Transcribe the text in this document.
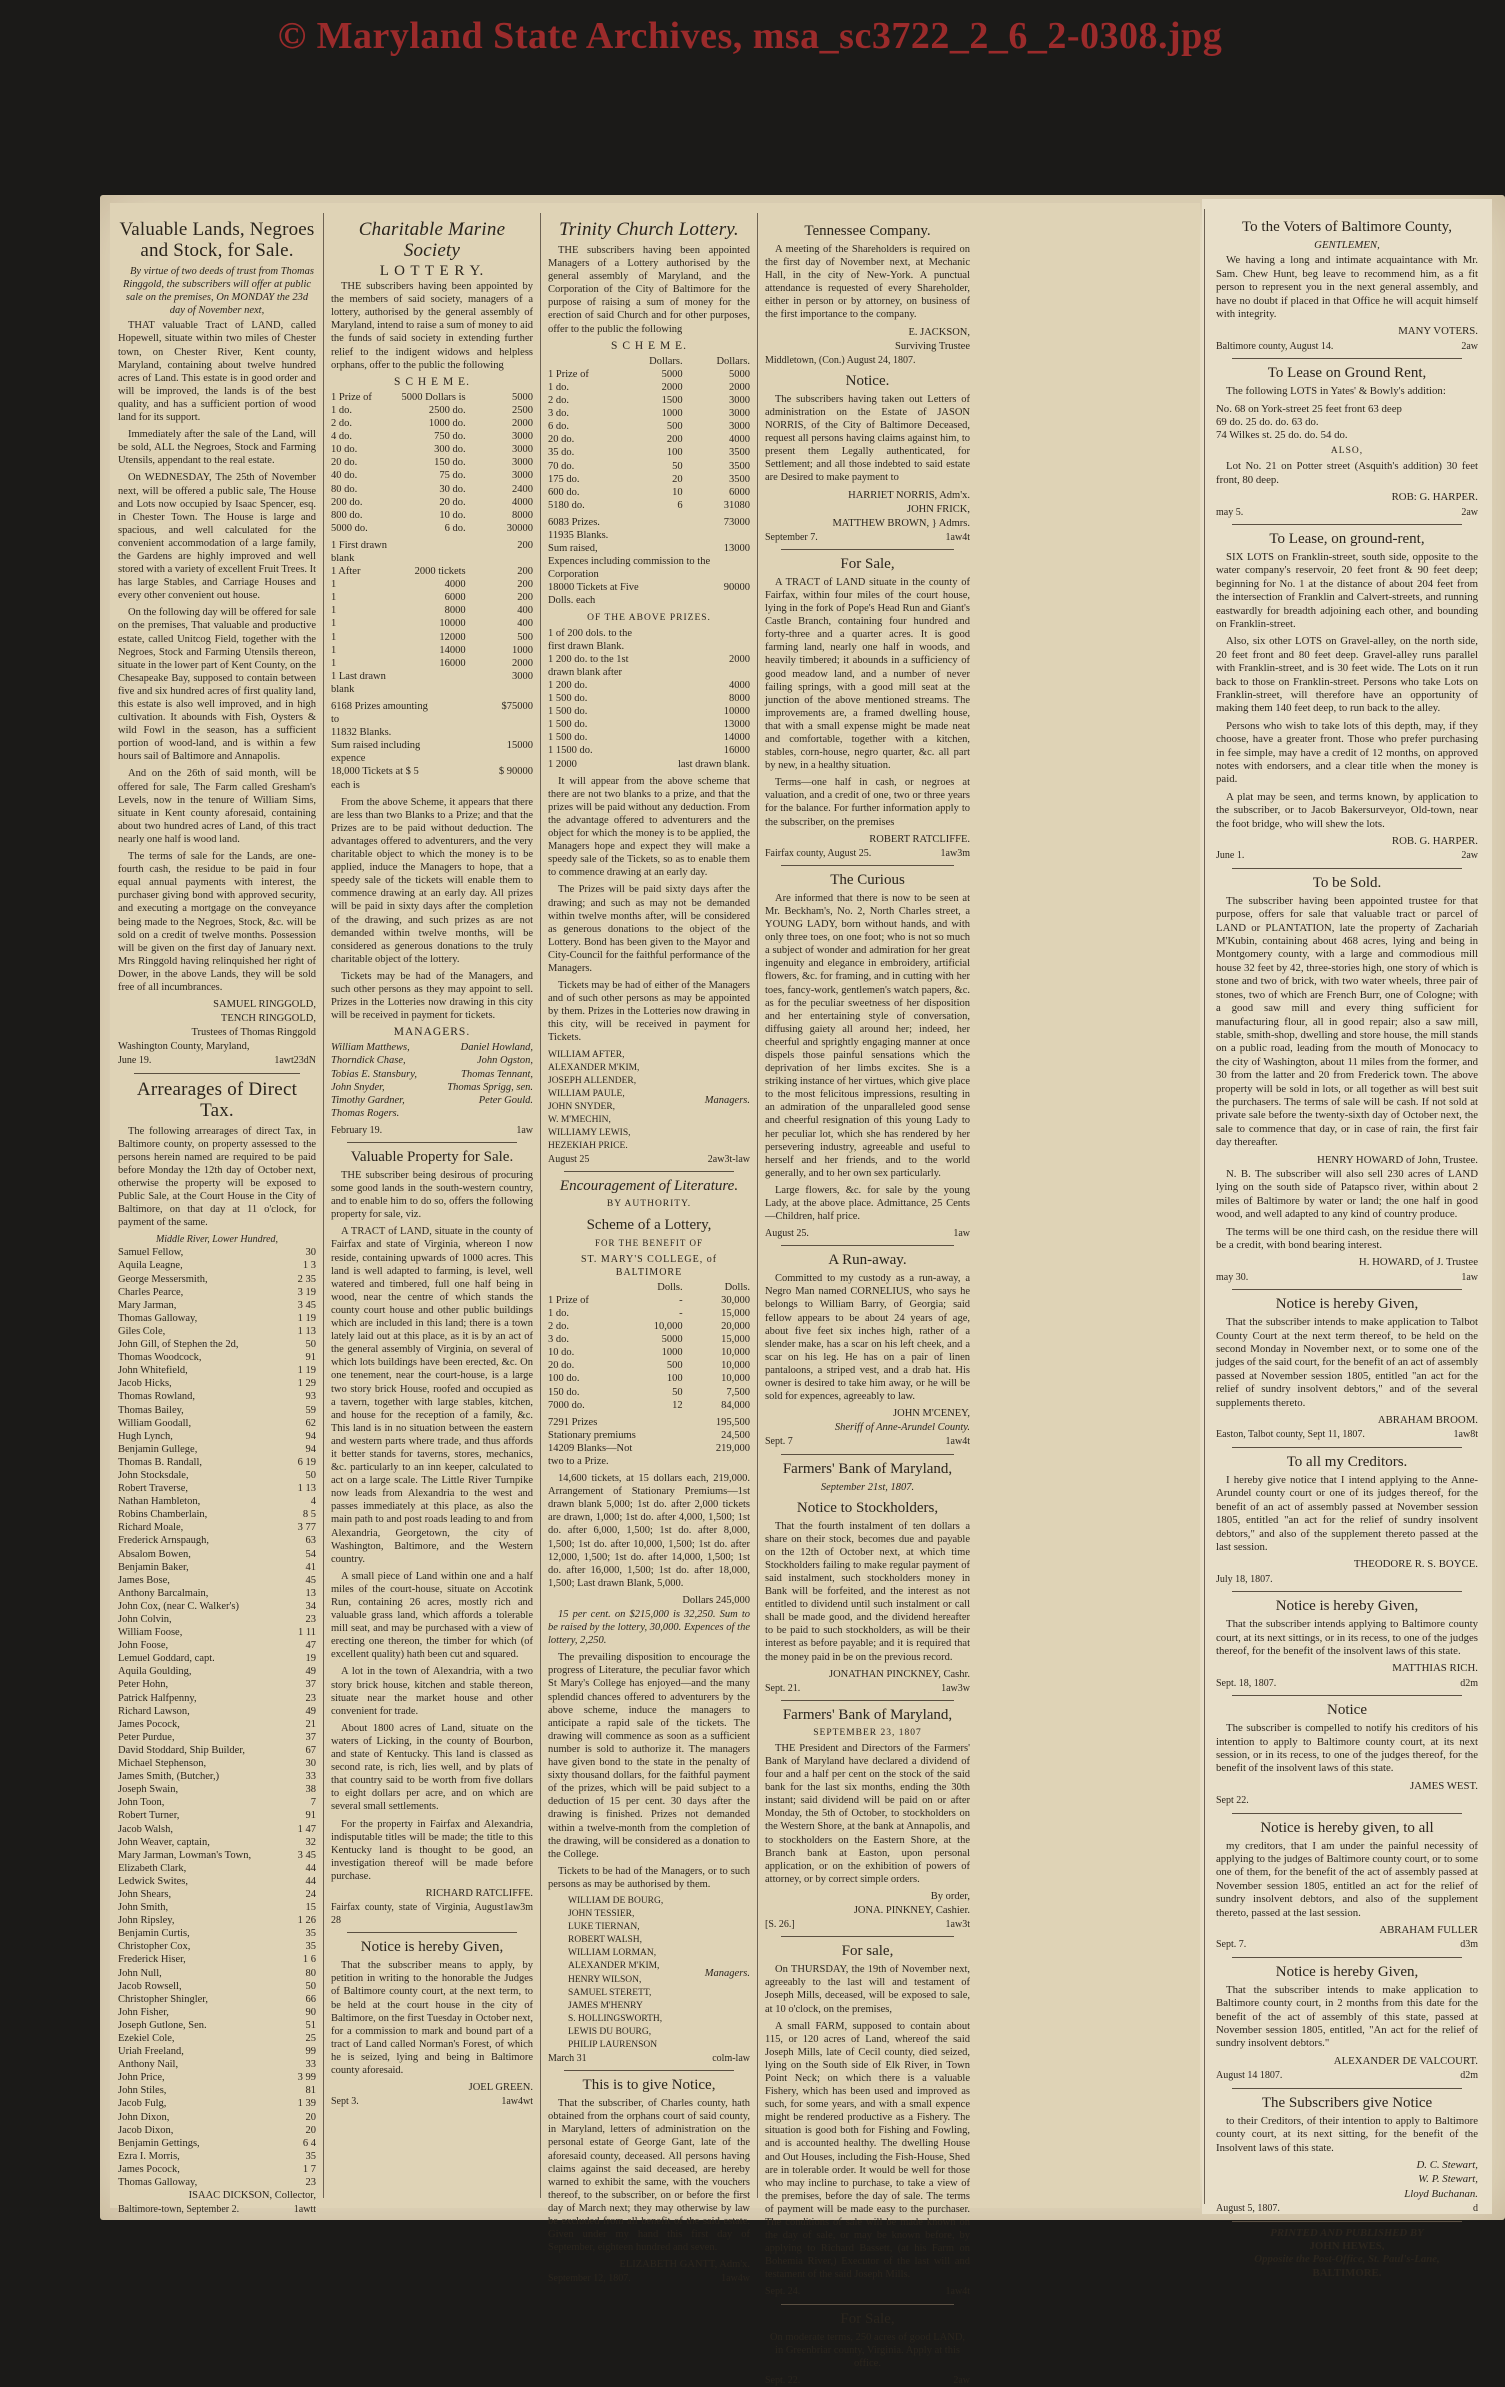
© Maryland State Archives, msa_sc3722_2_6_2-0308.jpg
Valuable Lands, Negroes and Stock, for Sale.

By virtue of two deeds of trust from Thomas Ringgold, the subscribers will offer at public sale on the premises, On MONDAY the 23d day of November next,

THAT valuable Tract of LAND, called Hopewell, situate within two miles of Chester town, on Chester River, Kent county, Maryland, containing about twelve hundred acres of Land. This estate is in good order and will be improved, the lands is of the best quality, and has a sufficient portion of wood land for its support.

Immediately after the sale of the Land, will be sold, ALL the Negroes, Stock and Farming Utensils, appendant to the real estate.

On WEDNESDAY, The 25th of November next, will be offered a public sale, The House and Lots now occupied by Isaac Spencer, esq. in Chester Town. The House is large and spacious, and well calculated for the convenient accommodation of a large family, the Gardens are highly improved and well stored with a variety of excellent Fruit Trees. It has large Stables, and Carriage Houses and every other convenient out house.

On the following day will be offered for sale on the premises, That valuable and productive estate, called Unitcog Field, together with the Negroes, Stock and Farming Utensils thereon, situate in the lower part of Kent County, on the Chesapeake Bay, supposed to contain between five and six hundred acres of first quality land, this estate is also well improved, and in high cultivation. It abounds with Fish, Oysters & wild Fowl in the season, has a sufficient portion of wood-land, and is within a few hours sail of Baltimore and Annapolis.

And on the 26th of said month, will be offered for sale, The Farm called Gresham's Levels, now in the tenure of William Sims, situate in Kent county aforesaid, containing about two hundred acres of Land, of this tract nearly one half is wood land.

The terms of sale for the Lands, are one-fourth cash, the residue to be paid in four equal annual payments with interest, the purchaser giving bond with approved security, and executing a mortgage on the conveyance being made to the Negroes, Stock, &c. will be sold on a credit of twelve months. Possession will be given on the first day of January next. Mrs Ringgold having relinquished her right of Dower, in the above Lands, they will be sold free of all incumbrances.

SAMUEL RINGGOLD,
TENCH RINGGOLD,
Trustees of Thomas Ringgold
Washington County, Maryland,
June 19.	1awt23dN
Arrearages of Direct Tax.

The following arrearages of direct Tax, in Baltimore county, on property assessed to the persons herein named are required to be paid before Monday the 12th day of October next, otherwise the property will be exposed to Public Sale, at the Court House in the City of Baltimore, on that day at 11 o'clock, for payment of the same.

Middle River, Lower Hundred,
Samuel Fellow,	30
Aquila Leagne,	1 3
George Messersmith,	2 35
Charles Pearce,	3 19
Mary Jarman,	3 45
Thomas Galloway,	1 19
Giles Cole,	1 13
John Gill, of Stephen the 2d,	50
Thomas Woodcock,	91
John Whitefield,	1 19
Jacob Hicks,	1 29
Thomas Rowland,	93
Thomas Bailey,	59
William Goodall,	62
Hugh Lynch,	94
Benjamin Gullege,	94
Thomas B. Randall,	6 19
John Stocksdale,	50
Robert Traverse,	1 13
Nathan Hambleton,	4
Robins Chamberlain,	8 5
Richard Moale,	3 77
Frederick Arnspaugh,	63
Absalom Bowen,	54
Benjamin Baker,	41
James Bose,	45
Anthony Barcalmain,	13
John Cox, (near C. Walker's)	34
John Colvin,	23
William Foose,	1 11
John Foose,	47
Lemuel Goddard, capt.	19
Aquila Goulding,	49
Peter Hohn,	37
Patrick Halfpenny,	23
Richard Lawson,	49
James Pocock,	21
Peter Purdue,	37
David Stoddard, Ship Builder,	67
Michael Stephenson,	30
James Smith, (Butcher,)	33
Joseph Swain,	38
John Toon,	7
Robert Turner,	91
Jacob Walsh,	1 47
John Weaver, captain,	32
Mary Jarman, Lowman's Town,	3 45
Elizabeth Clark,	44
Ledwick Swites,	44
John Shears,	24
John Smith,	15
John Ripsley,	1 26
Benjamin Curtis,	35
Christopher Cox,	35
Frederick Hiser,	1 6
John Null,	80
Jacob Rowsell,	50
Christopher Shingler,	66
John Fisher,	90
Joseph Gutlone, Sen.	51
Ezekiel Cole,	25
Uriah Freeland,	99
Anthony Nail,	33
John Price,	3 99
John Stiles,	81
Jacob Fulg,	1 39
John Dixon,	20
Jacob Dixon,	20
Benjamin Gettings,	6 4
Ezra I. Morris,	35
James Pocock,	1 7
Thomas Galloway,	23
ISAAC DICKSON, Collector,
Baltimore-town, September 2.	1awtt
Charitable Marine Society
L O T T E R Y.

THE subscribers having been appointed by the members of said society, managers of a lottery, authorised by the general assembly of Maryland, intend to raise a sum of money to aid the funds of said society in extending further relief to the indigent widows and helpless orphans, offer to the public the following

S C H E M E.
1 Prize of	5000 Dollars is	5000
1 do.	2500 do.	2500
2 do.	1000 do.	2000
4 do.	750 do.	3000
10 do.	300 do.	3000
20 do.	150 do.	3000
40 do.	75 do.	3000
80 do.	30 do.	2400
200 do.	20 do.	4000
800 do.	10 do.	8000
5000 do.	6 do.	30000
1 First drawn blank
200
1 After	2000 tickets	200
1	4000	200
1	6000	200
1	8000	400
1	10000	400
1	12000	500
1	14000	1000
1	16000	2000
1 Last drawn blank
3000
6168 Prizes amounting to
$75000
11832 Blanks.
Sum raised including expence
15000
18,000 Tickets at $ 5 each is
$ 90000

From the above Scheme, it appears that there are less than two Blanks to a Prize; and that the Prizes are to be paid without deduction. The advantages offered to adventurers, and the very charitable object to which the money is to be applied, induce the Managers to hope, that a speedy sale of the tickets will enable them to commence drawing at an early day. All prizes will be paid in sixty days after the completion of the drawing, and such prizes as are not demanded within twelve months, will be considered as generous donations to the truly charitable object of the lottery.

Tickets may be had of the Managers, and such other persons as they may appoint to sell. Prizes in the Lotteries now drawing in this city will be received in payment for tickets.

MANAGERS.
William Matthews,	Daniel Howland,
Thorndick Chase,	John Ogston,
Tobias E. Stansbury,	Thomas Tennant,
John Snyder,	Thomas Sprigg, sen.
Timothy Gardner,	Peter Gould.
Thomas Rogers.
February 19.	1aw
Valuable Property for Sale.

THE subscriber being desirous of procuring some good lands in the south-western country, and to enable him to do so, offers the following property for sale, viz.

A TRACT of LAND, situate in the county of Fairfax and state of Virginia, whereon I now reside, containing upwards of 1000 acres. This land is well adapted to farming, is level, well watered and timbered, full one half being in wood, near the centre of which stands the county court house and other public buildings which are included in this land; there is a town lately laid out at this place, as it is by an act of the general assembly of Virginia, on several of which lots buildings have been erected, &c. On one tenement, near the court-house, is a large two story brick House, roofed and occupied as a tavern, together with large stables, kitchen, and house for the reception of a family, &c. This land is in no situation between the eastern and western parts where trade, and thus affords it better stands for taverns, stores, mechanics, &c. particularly to an inn keeper, calculated to act on a large scale. The Little River Turnpike now leads from Alexandria to the west and passes immediately at this place, as also the main path to and post roads leading to and from Alexandria, Georgetown, the city of Washington, Baltimore, and the Western country.

A small piece of Land within one and a half miles of the court-house, situate on Accotink Run, containing 26 acres, mostly rich and valuable grass land, which affords a tolerable mill seat, and may be purchased with a view of erecting one thereon, the timber for which (of excellent quality) hath been cut and squared.

A lot in the town of Alexandria, with a two story brick house, kitchen and stable thereon, situate near the market house and other convenient for trade.

About 1800 acres of Land, situate on the waters of Licking, in the county of Bourbon, and state of Kentucky. This land is classed as second rate, is rich, lies well, and by plats of that country said to be worth from five dollars to eight dollars per acre, and on which are several small settlements.

For the property in Fairfax and Alexandria, indisputable titles will be made; the title to this Kentucky land is thought to be good, an investigation thereof will be made before purchase.

RICHARD RATCLIFFE.
Fairfax county, state of Virginia, August 28
1aw3m
Notice is hereby Given,

That the subscriber means to apply, by petition in writing to the honorable the Judges of Baltimore county court, at the next term, to be held at the court house in the city of Baltimore, on the first Tuesday in October next, for a commission to mark and bound part of a tract of Land called Norman's Forest, of which he is seized, lying and being in Baltimore county aforesaid.

JOEL GREEN.
Sept 3.	1aw4wt
Trinity Church Lottery.

THE subscribers having been appointed Managers of a Lottery authorised by the general assembly of Maryland, and the Corporation of the City of Baltimore for the purpose of raising a sum of money for the erection of said Church and for other purposes, offer to the public the following

S C H E M E.
Dollars.	Dollars.
1 Prize of	5000	5000
1 do.	2000	2000
2 do.	1500	3000
3 do.	1000	3000
6 do.	500	3000
20 do.	200	4000
35 do.	100	3500
70 do.	50	3500
175 do.	20	3500
600 do.	10	6000
5180 do.	6	31080
6083 Prizes.	73000
11935 Blanks.
Sum raised,	13000
Expences including commission to the Corporation
18000 Tickets at Five Dolls. each
90000
OF THE ABOVE PRIZES.
1 of 200 dols. to the first drawn Blank.
1 200 do. to the 1st drawn blank after
2000
1 200 do.	4000
1 500 do.	8000
1 500 do.	10000
1 500 do.	13000
1 500 do.	14000
1 1500 do.	16000
1 2000	last drawn blank.

It will appear from the above scheme that there are not two blanks to a prize, and that the prizes will be paid without any deduction. From the advantage offered to adventurers and the object for which the money is to be applied, the Managers hope and expect they will make a speedy sale of the Tickets, so as to enable them to commence drawing at an early day.

The Prizes will be paid sixty days after the drawing; and such as may not be demanded within twelve months after, will be considered as generous donations to the object of the Lottery. Bond has been given to the Mayor and City-Council for the faithful performance of the Managers.

Tickets may be had of either of the Managers and of such other persons as may be appointed by them. Prizes in the Lotteries now drawing in this city, will be received in payment for Tickets.

WILLIAM AFTER,
ALEXANDER M'KIM,
JOSEPH ALLENDER,
WILLIAM PAULE,
JOHN SNYDER,
W. M'MECHIN,
WILLIAMY LEWIS,
HEZEKIAH PRICE.
Managers.
August 25	2aw3t-law
Encouragement of Literature.
BY AUTHORITY.
Scheme of a Lottery,
FOR THE BENEFIT OF
ST. MARY'S COLLEGE, of BALTIMORE
Dolls.	Dolls.
1 Prize of	-	30,000
1 do.	-	15,000
2 do.	10,000	20,000
3 do.	5000	15,000
10 do.	1000	10,000
20 do.	500	10,000
100 do.	100	10,000
150 do.	50	7,500
7000 do.	12	84,000
7291 Prizes	195,500
Stationary premiums	24,500
14209 Blanks—Not two to a Prize.
219,000

14,600 tickets, at 15 dollars each, 219,000. Arrangement of Stationary Premiums—1st drawn blank 5,000; 1st do. after 2,000 tickets are drawn, 1,000; 1st do. after 4,000, 1,500; 1st do. after 6,000, 1,500; 1st do. after 8,000, 1,500; 1st do. after 10,000, 1,500; 1st do. after 12,000, 1,500; 1st do. after 14,000, 1,500; 1st do. after 16,000, 1,500; 1st do. after 18,000, 1,500; Last drawn Blank, 5,000.

Dollars 245,000

15 per cent. on $215,000 is 32,250. Sum to be raised by the lottery, 30,000. Expences of the lottery, 2,250.

The prevailing disposition to encourage the progress of Literature, the peculiar favor which St Mary's College has enjoyed—and the many splendid chances offered to adventurers by the above scheme, induce the managers to anticipate a rapid sale of the tickets. The drawing will commence as soon as a sufficient number is sold to authorize it. The managers have given bond to the state in the penalty of sixty thousand dollars, for the faithful payment of the prizes, which will be paid subject to a deduction of 15 per cent. 30 days after the drawing is finished. Prizes not demanded within a twelve-month from the completion of the drawing, will be considered as a donation to the College.

Tickets to be had of the Managers, or to such persons as may be authorised by them.

WILLIAM DE BOURG,
JOHN TESSIER,
LUKE TIERNAN,
ROBERT WALSH,
WILLIAM LORMAN,
ALEXANDER M'KIM,
HENRY WILSON,
SAMUEL STERETT,
JAMES M'HENRY
S. HOLLINGSWORTH,
LEWIS DU BOURG,
PHILIP LAURENSON
Managers.
March 31	colm-law
This is to give Notice,

That the subscriber, of Charles county, hath obtained from the orphans court of said county, in Maryland, letters of administration on the personal estate of George Gant, late of the aforesaid county, deceased. All persons having claims against the said deceased, are hereby warned to exhibit the same, with the vouchers thereof, to the subscriber, on or before the first day of March next; they may otherwise by law be excluded from all benefit of the said estate. Given under my hand this first day of September, eighteen hundred and seven.

ELIZABETH GANTT, Adm'x.
September 12, 1807.	1aw4w
Tennessee Company.

A meeting of the Shareholders is required on the first day of November next, at Mechanic Hall, in the city of New-York. A punctual attendance is requested of every Shareholder, either in person or by attorney, on business of the first importance to the company.

E. JACKSON,
Surviving Trustee
Middletown, (Con.) August 24, 1807.
Notice.

The subscribers having taken out Letters of administration on the Estate of JASON NORRIS, of the City of Baltimore Deceased, request all persons having claims against him, to present them Legally authenticated, for Settlement; and all those indebted to said estate are Desired to make payment to

HARRIET NORRIS, Adm'x.
JOHN FRICK,
MATTHEW BROWN, } Admrs.
September 7.	1aw4t
For Sale,

A TRACT of LAND situate in the county of Fairfax, within four miles of the court house, lying in the fork of Pope's Head Run and Giant's Castle Branch, containing four hundred and forty-three and a quarter acres. It is good farming land, nearly one half in woods, and heavily timbered; it abounds in a sufficiency of good meadow land, and a number of never failing springs, with a good mill seat at the junction of the above mentioned streams. The improvements are, a framed dwelling house, that with a small expense might be made neat and comfortable, together with a kitchen, stables, corn-house, negro quarter, &c. all part by new, in a healthy situation.

Terms—one half in cash, or negroes at valuation, and a credit of one, two or three years for the balance. For further information apply to the subscriber, on the premises

ROBERT RATCLIFFE.
Fairfax county, August 25.	1aw3m
The Curious

Are informed that there is now to be seen at Mr. Beckham's, No. 2, North Charles street, a YOUNG LADY, born without hands, and with only three toes, on one foot; who is not so much a subject of wonder and admiration for her great ingenuity and elegance in embroidery, artificial flowers, &c. for framing, and in cutting with her toes, fancy-work, gentlemen's watch papers, &c. as for the peculiar sweetness of her disposition and her entertaining style of conversation, diffusing gaiety all around her; indeed, her cheerful and sprightly engaging manner at once dispels those painful sensations which the deprivation of her limbs excites. She is a striking instance of her virtues, which give place to the most felicitous impressions, resulting in an admiration of the unparalleled good sense and cheerful resignation of this young Lady to her peculiar lot, which she has rendered by her persevering industry, agreeable and useful to herself and her friends, and to the world generally, and to her own sex particularly.

Large flowers, &c. for sale by the young Lady, at the above place. Admittance, 25 Cents—Children, half price.

August 25.	1aw
A Run-away.

Committed to my custody as a run-away, a Negro Man named CORNELIUS, who says he belongs to William Barry, of Georgia; said fellow appears to be about 24 years of age, about five feet six inches high, rather of a slender make, has a scar on his left cheek, and a scar on his leg. He has on a pair of linen pantaloons, a striped vest, and a drab hat. His owner is desired to take him away, or he will be sold for expences, agreeably to law.

JOHN M'CENEY,
Sheriff of Anne-Arundel County.
Sept. 7	1aw4t
Farmers' Bank of Maryland,
September 21st, 1807.
Notice to Stockholders,

That the fourth instalment of ten dollars a share on their stock, becomes due and payable on the 12th of October next, at which time Stockholders failing to make regular payment of said instalment, such stockholders money in Bank will be forfeited, and the interest as not entitled to dividend until such instalment or call shall be made good, and the dividend hereafter to be paid to such stockholders, as will be their interest as before payable; and it is required that the money paid in be on the previous record.

JONATHAN PINCKNEY, Cashr.
Sept. 21.	1aw3w
Farmers' Bank of Maryland,
SEPTEMBER 23, 1807

THE President and Directors of the Farmers' Bank of Maryland have declared a dividend of four and a half per cent on the stock of the said bank for the last six months, ending the 30th instant; said dividend will be paid on or after Monday, the 5th of October, to stockholders on the Western Shore, at the bank at Annapolis, and to stockholders on the Eastern Shore, at the Branch bank at Easton, upon personal application, or on the exhibition of powers of attorney, or by correct simple orders.

By order,
JONA. PINKNEY, Cashier.
[S. 26.]	1aw3t
For sale,

On THURSDAY, the 19th of November next, agreeably to the last will and testament of Joseph Mills, deceased, will be exposed to sale, at 10 o'clock, on the premises,

A small FARM, supposed to contain about 115, or 120 acres of Land, whereof the said Joseph Mills, late of Cecil county, died seized, lying on the South side of Elk River, in Town Point Neck; on which there is a valuable Fishery, which has been used and improved as such, for some years, and with a small expence might be rendered productive as a Fishery. The situation is good both for Fishing and Fowling, and is accounted healthy. The dwelling House and Out Houses, including the Fish-House, Shed are in tolerable order. It would be well for those who may incline to purchase, to take a view of the premises, before the day of sale. The terms of payment will be made easy to the purchaser. The conditions of sale will be made known on the day of sale, or may be known before, by applying to Richard Bassett, (at his Farm on Bohemia River,) Executor of the last will and testament of the said Joseph Mills.

Sept. 24.	1aw4t
For Sale,

On moderate terms, 250 acres of good LAND, in Greenbriar county, Virginia. Apply at this office.

Sept. 22.	2aw
To the Voters of Baltimore County,
GENTLEMEN,

We having a long and intimate acquaintance with Mr. Sam. Chew Hunt, beg leave to recommend him, as a fit person to represent you in the next general assembly, and have no doubt if placed in that Office he will acquit himself with integrity.

MANY VOTERS.
Baltimore county, August 14.	2aw
To Lease on Ground Rent,

The following LOTS in Yates' & Bowly's addition:

No. 68 on York-street 25 feet front 63 deep
69 do. 25 do. do. 63 do.
74 Wilkes st. 25 do. do. 54 do.
ALSO,

Lot No. 21 on Potter street (Asquith's addition) 30 feet front, 80 deep.

ROB: G. HARPER.
may 5.	2aw
To Lease, on ground-rent,

SIX LOTS on Franklin-street, south side, opposite to the water company's reservoir, 20 feet front & 90 feet deep; beginning for No. 1 at the distance of about 204 feet from the intersection of Franklin and Calvert-streets, and running eastwardly for breadth adjoining each other, and bounding on Franklin-street.

Also, six other LOTS on Gravel-alley, on the north side, 20 feet front and 80 feet deep. Gravel-alley runs parallel with Franklin-street, and is 30 feet wide. The Lots on it run back to those on Franklin-street. Persons who take Lots on Franklin-street, will therefore have an opportunity of making them 140 feet deep, to run back to the alley.

Persons who wish to take lots of this depth, may, if they choose, have a greater front. Those who prefer purchasing in fee simple, may have a credit of 12 months, on approved notes with endorsers, and a clear title when the money is paid.

A plat may be seen, and terms known, by application to the subscriber, or to Jacob Bakersurveyor, Old-town, near the foot bridge, who will shew the lots.

ROB. G. HARPER.
June 1.	2aw
To be Sold.

The subscriber having been appointed trustee for that purpose, offers for sale that valuable tract or parcel of LAND or PLANTATION, late the property of Zachariah M'Kubin, containing about 468 acres, lying and being in Montgomery county, with a large and commodious mill house 32 feet by 42, three-stories high, one story of which is stone and two of brick, with two water wheels, three pair of stones, two of which are French Burr, one of Cologne; with a good saw mill and every thing sufficient for manufacturing flour, all in good repair; also a saw mill, stable, smith-shop, dwelling and store house, the mill stands on a public road, leading from the mouth of Monocacy to the city of Washington, about 11 miles from the former, and 30 from the latter and 20 from Frederick town. The above property will be sold in lots, or all together as will best suit the purchasers. The terms of sale will be cash. If not sold at private sale before the twenty-sixth day of October next, the sale to commence that day, or in case of rain, the first fair day thereafter.

HENRY HOWARD of John, Trustee.

N. B. The subscriber will also sell 230 acres of LAND lying on the south side of Patapsco river, within about 2 miles of Baltimore by water or land; the one half in good wood, and well adapted to any kind of country produce.

The terms will be one third cash, on the residue there will be a credit, with bond bearing interest.

H. HOWARD, of J. Trustee
may 30.	1aw
Notice is hereby Given,

That the subscriber intends to make application to Talbot County Court at the next term thereof, to be held on the second Monday in November next, or to some one of the judges of the said court, for the benefit of an act of assembly passed at November session 1805, entitled "an act for the relief of sundry insolvent debtors," and of the several supplements thereto.

ABRAHAM BROOM.
Easton, Talbot county, Sept 11, 1807.	1aw8t
To all my Creditors.

I hereby give notice that I intend applying to the Anne-Arundel county court or one of its judges thereof, for the benefit of an act of assembly passed at November session 1805, entitled "an act for the relief of sundry insolvent debtors," and also of the supplement thereto passed at the last session.

THEODORE R. S. BOYCE.
July 18, 1807.
Notice is hereby Given,

That the subscriber intends applying to Baltimore county court, at its next sittings, or in its recess, to one of the judges thereof, for the benefit of the insolvent laws of this state.

MATTHIAS RICH.
Sept. 18, 1807.	d2m
Notice

The subscriber is compelled to notify his creditors of his intention to apply to Baltimore county court, at its next session, or in its recess, to one of the judges thereof, for the benefit of the insolvent laws of this state.

JAMES WEST.
Sept 22.
Notice is hereby given, to all

my creditors, that I am under the painful necessity of applying to the judges of Baltimore county court, or to some one of them, for the benefit of the act of assembly passed at November session 1805, entitled an act for the relief of sundry insolvent debtors, and also of the supplement thereto, passed at the last session.

ABRAHAM FULLER
Sept. 7.	d3m
Notice is hereby Given,

That the subscriber intends to make application to Baltimore county court, in 2 months from this date for the benefit of the act of assembly of this state, passed at November session 1805, entitled, "An act for the relief of sundry insolvent debtors."

ALEXANDER DE VALCOURT.
August 14 1807.	d2m
The Subscribers give Notice

to their Creditors, of their intention to apply to Baltimore county court, at its next sitting, for the benefit of the Insolvent laws of this state.

D. C. Stewart,
W. P. Stewart,
Lloyd Buchanan.
August 5, 1807.	d
PRINTED AND PUBLISHED BY
JOHN HEWES,
Opposite the Post-Office, St. Paul's-Lane,
BALTIMORE.
